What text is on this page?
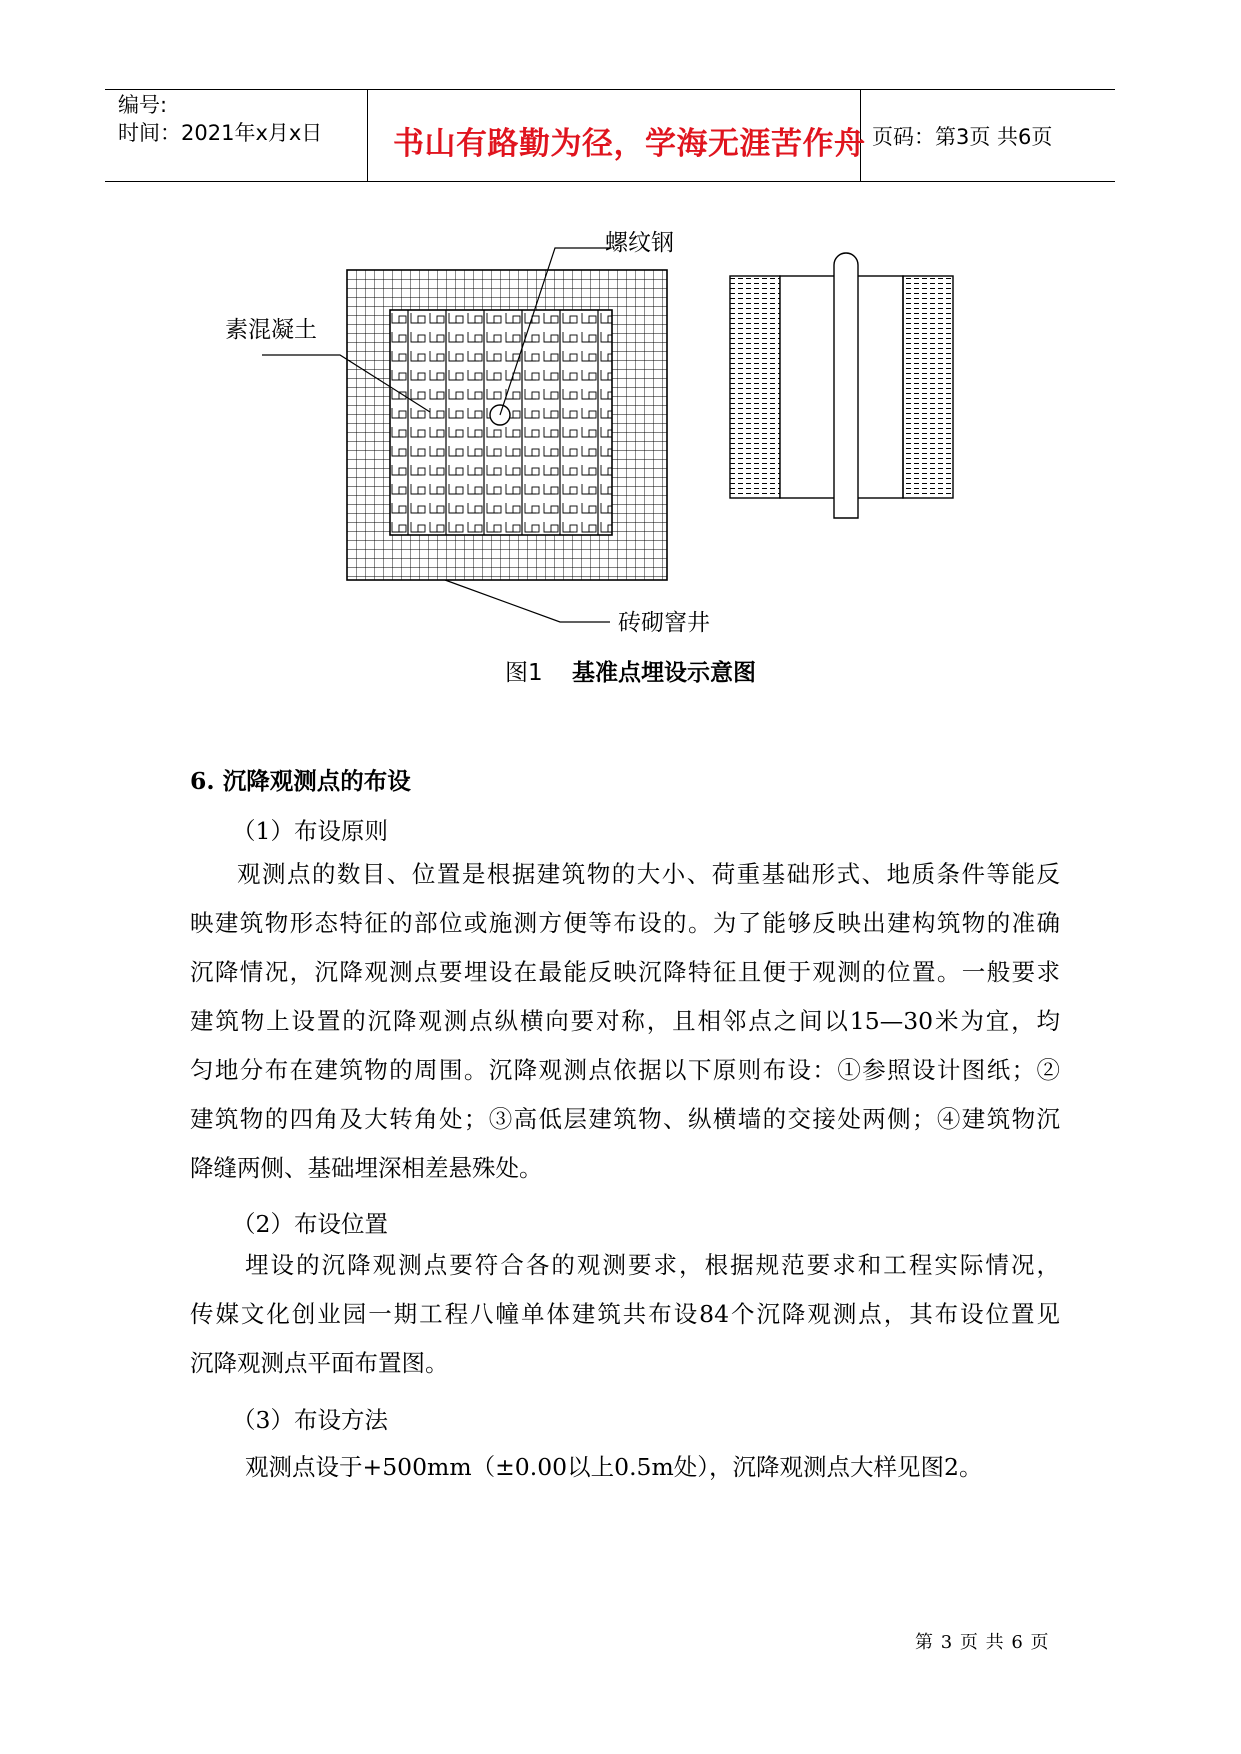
编号:
时间：2021年x月x日 书山有路勤为径，学海无涯苦作舟 页码：第3页 共6页
螺纹钢
素混凝土
砖砌窨井
图1 基准点埋设示意图
6. 沉降观测点的布设
（1）布设原则
观测点的数目、位置是根据建筑物的大小、荷重基础形式、地质条件等能反
映建筑物形态特征的部位或施测方便等布设的。为了能够反映出建构筑物的准确
沉降情况，沉降观测点要埋设在最能反映沉降特征且便于观测的位置。一般要求
建筑物上设置的沉降观测点纵横向要对称，且相邻点之间以15—30米为宜，均
匀地分布在建筑物的周围。沉降观测点依据以下原则布设：①参照设计图纸；②
建筑物的四角及大转角处；③高低层建筑物、纵横墙的交接处两侧；④建筑物沉
降缝两侧、基础埋深相差悬殊处。
（2）布设位置
埋设的沉降观测点要符合各的观测要求，根据规范要求和工程实际情况，
传媒文化创业园一期工程八幢单体建筑共布设84个沉降观测点，其布设位置见
沉降观测点平面布置图。
（3）布设方法
观测点设于+500mm（±0.00以上0.5m处），沉降观测点大样见图2。
第 3 页 共 6 页
